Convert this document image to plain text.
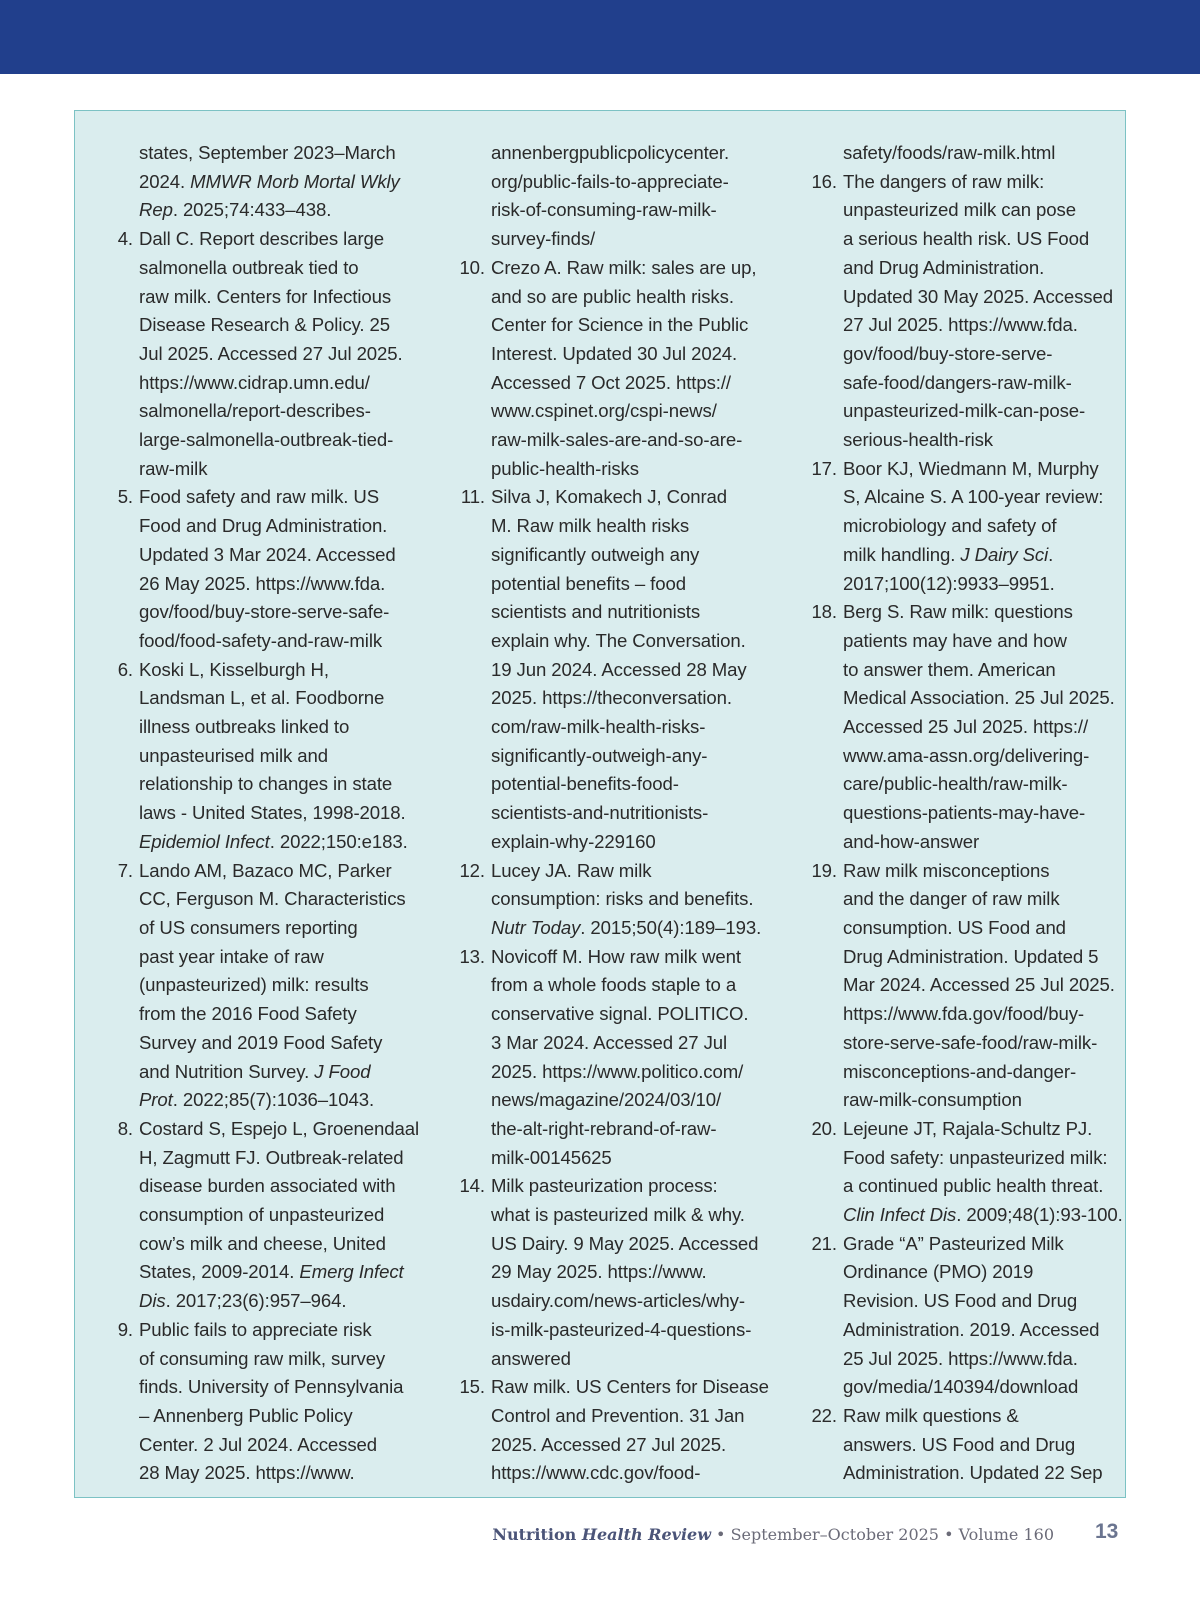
states, September 2023–March
2024. MMWR Morb Mortal Wkly
Rep. 2025;74:433–438.
4. Dall C. Report describes large
salmonella outbreak tied to
raw milk. Centers for Infectious
Disease Research & Policy. 25
Jul 2025. Accessed 27 Jul 2025.
https://www.cidrap.umn.edu/
salmonella/report-describes-
large-salmonella-outbreak-tied-
raw-milk
5. Food safety and raw milk. US
Food and Drug Administration.
Updated 3 Mar 2024. Accessed
26 May 2025. https://www.fda.
gov/food/buy-store-serve-safe-
food/food-safety-and-raw-milk
6. Koski L, Kisselburgh H,
Landsman L, et al. Foodborne
illness outbreaks linked to
unpasteurised milk and
relationship to changes in state
laws - United States, 1998-2018.
Epidemiol Infect. 2022;150:e183.
7. Lando AM, Bazaco MC, Parker
CC, Ferguson M. Characteristics
of US consumers reporting
past year intake of raw
(unpasteurized) milk: results
from the 2016 Food Safety
Survey and 2019 Food Safety
and Nutrition Survey. J Food
Prot. 2022;85(7):1036–1043.
8. Costard S, Espejo L, Groenendaal
H, Zagmutt FJ. Outbreak-related
disease burden associated with
consumption of unpasteurized
cow’s milk and cheese, United
States, 2009-2014. Emerg Infect
Dis. 2017;23(6):957–964.
9. Public fails to appreciate risk
of consuming raw milk, survey
finds. University of Pennsylvania
– Annenberg Public Policy
Center. 2 Jul 2024. Accessed
28 May 2025. https://www.
annenbergpublicpolicycenter.
org/public-fails-to-appreciate-
risk-of-consuming-raw-milk-
survey-finds/
10. Crezo A. Raw milk: sales are up,
and so are public health risks.
Center for Science in the Public
Interest. Updated 30 Jul 2024.
Accessed 7 Oct 2025. https://
www.cspinet.org/cspi-news/
raw-milk-sales-are-and-so-are-
public-health-risks
11. Silva J, Komakech J, Conrad
M. Raw milk health risks
significantly outweigh any
potential benefits – food
scientists and nutritionists
explain why. The Conversation.
19 Jun 2024. Accessed 28 May
2025. https://theconversation.
com/raw-milk-health-risks-
significantly-outweigh-any-
potential-benefits-food-
scientists-and-nutritionists-
explain-why-229160
12. Lucey JA. Raw milk
consumption: risks and benefits.
Nutr Today. 2015;50(4):189–193.
13. Novicoff M. How raw milk went
from a whole foods staple to a
conservative signal. POLITICO.
3 Mar 2024. Accessed 27 Jul
2025. https://www.politico.com/
news/magazine/2024/03/10/
the-alt-right-rebrand-of-raw-
milk-00145625
14. Milk pasteurization process:
what is pasteurized milk & why.
US Dairy. 9 May 2025. Accessed
29 May 2025. https://www.
usdairy.com/news-articles/why-
is-milk-pasteurized-4-questions-
answered
15. Raw milk. US Centers for Disease
Control and Prevention. 31 Jan
2025. Accessed 27 Jul 2025.
https://www.cdc.gov/food-
safety/foods/raw-milk.html
16. The dangers of raw milk:
unpasteurized milk can pose
a serious health risk. US Food
and Drug Administration.
Updated 30 May 2025. Accessed
27 Jul 2025. https://www.fda.
gov/food/buy-store-serve-
safe-food/dangers-raw-milk-
unpasteurized-milk-can-pose-
serious-health-risk
17. Boor KJ, Wiedmann M, Murphy
S, Alcaine S. A 100-year review:
microbiology and safety of
milk handling. J Dairy Sci.
2017;100(12):9933–9951.
18. Berg S. Raw milk: questions
patients may have and how
to answer them. American
Medical Association. 25 Jul 2025.
Accessed 25 Jul 2025. https://
www.ama-assn.org/delivering-
care/public-health/raw-milk-
questions-patients-may-have-
and-how-answer
19. Raw milk misconceptions
and the danger of raw milk
consumption. US Food and
Drug Administration. Updated 5
Mar 2024. Accessed 25 Jul 2025.
https://www.fda.gov/food/buy-
store-serve-safe-food/raw-milk-
misconceptions-and-danger-
raw-milk-consumption
20. Lejeune JT, Rajala-Schultz PJ.
Food safety: unpasteurized milk:
a continued public health threat.
Clin Infect Dis. 2009;48(1):93-100.
21. Grade “A” Pasteurized Milk
Ordinance (PMO) 2019
Revision. US Food and Drug
Administration. 2019. Accessed
25 Jul 2025. https://www.fda.
gov/media/140394/download
22. Raw milk questions &
answers. US Food and Drug
Administration. Updated 22 Sep
Nutrition Health Review • September–October 2025 • Volume 160 13
